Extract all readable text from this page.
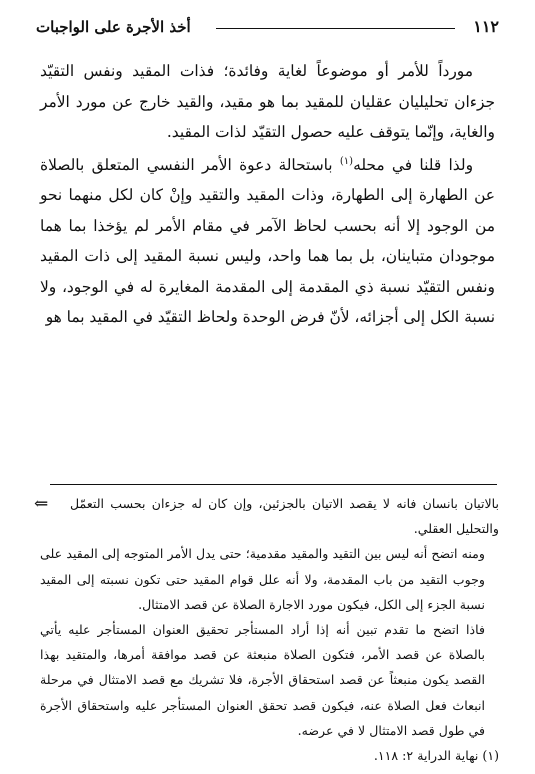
١١٢
أخذ الأجرة على الواجبات

مورداً للأمر أو موضوعاً لغاية وفائدة؛ فذات المقيد ونفس التقيّد جزءان تحليليان عقليان للمقيد بما هو مقيد، والقيد خارج عن مورد الأمر والغاية، وإنّما يتوقف عليه حصول التقيّد لذات المقيد.

ولذا قلنا في محله$^{(١)}$ باستحالة دعوة الأمر النفسي المتعلق بالصلاة عن الطهارة إلى الطهارة، وذات المقيد والتقيد وإنْ كان لكل منهما نحو من الوجود إلا أنه بحسب لحاظ الآمر في مقام الأمر لم يؤخذا بما هما موجودان متباينان، بل بما هما واحد، وليس نسبة المقيد إلى ذات المقيد ونفس التقيّد نسبة ذي المقدمة إلى المقدمة المغايرة له في الوجود، ولا نسبة الكل إلى أجزائه، لأنّ فرض الوحدة ولحاظ التقيّد في المقيد بما هو

⇐ بالاتيان بانسان فانه لا يقصد الاتيان بالجزئين، وإن كان له جزءان بحسب التعمّل والتحليل العقلي.

ومنه اتضح أنه ليس بين التقيد والمقيد مقدمية؛ حتى يدل الأمر المتوجه إلى المقيد على وجوب التقيد من باب المقدمة، ولا أنه علل قوام المقيد حتى تكون نسبته إلى المقيد نسبة الجزء إلى الكل، فيكون مورد الاجارة الصلاة عن قصد الامتثال.

فاذا اتضح ما تقدم تبين أنه إذا أراد المستأجر تحقيق العنوان المستأجر عليه يأتي بالصلاة عن قصد الأمر، فتكون الصلاة منبعثة عن قصد موافقة أمرها، والمتقيد بهذا القصد يكون منبعثاً عن قصد استحقاق الأجرة، فلا تشريك مع قصد الامتثال في مرحلة انبعاث فعل الصلاة عنه، فيكون قصد تحقق العنوان المستأجر عليه واستحقاق الأجرة في طول قصد الامتثال لا في عرضه.

(١) نهاية الدراية ٢: ١١٨.
